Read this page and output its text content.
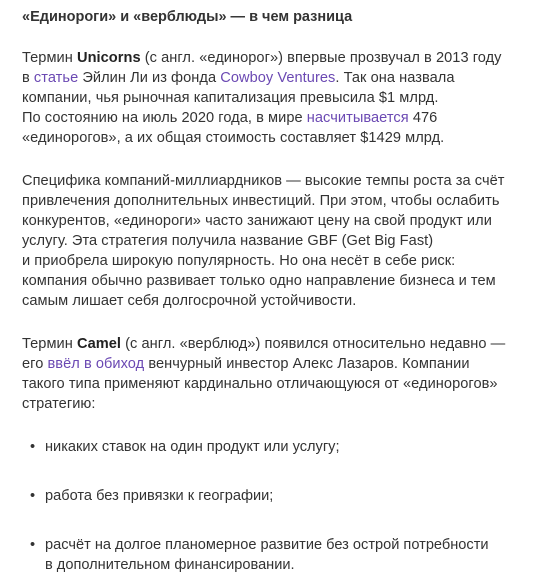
«Единороги» и «верблюды» — в чем разница

Термин Unicorns (с англ. «единорог») впервые прозвучал в 2013 году
в статье Эйлин Ли из фонда Cowboy Ventures. Так она назвала
компании, чья рыночная капитализация превысила $1 млрд.
По состоянию на июль 2020 года, в мире насчитывается 476
«единорогов», а их общая стоимость составляет $1429 млрд.

Специфика компаний-миллиардников — высокие темпы роста за счёт
привлечения дополнительных инвестиций. При этом, чтобы ослабить
конкурентов, «единороги» часто занижают цену на свой продукт или
услугу. Эта стратегия получила название GBF (Get Big Fast)
и приобрела широкую популярность. Но она несёт в себе риск:
компания обычно развивает только одно направление бизнеса и тем
самым лишает себя долгосрочной устойчивости.

Термин Camel (с англ. «верблюд») появился относительно недавно —
его ввёл в обиход венчурный инвестор Алекс Лазаров. Компании
такого типа применяют кардинально отличающуюся от «единорогов»
стратегию:

• никаких ставок на один продукт или услугу;
• работа без привязки к географии;
• расчёт на долгое планомерное развитие без острой потребности
в дополнительном финансировании.
